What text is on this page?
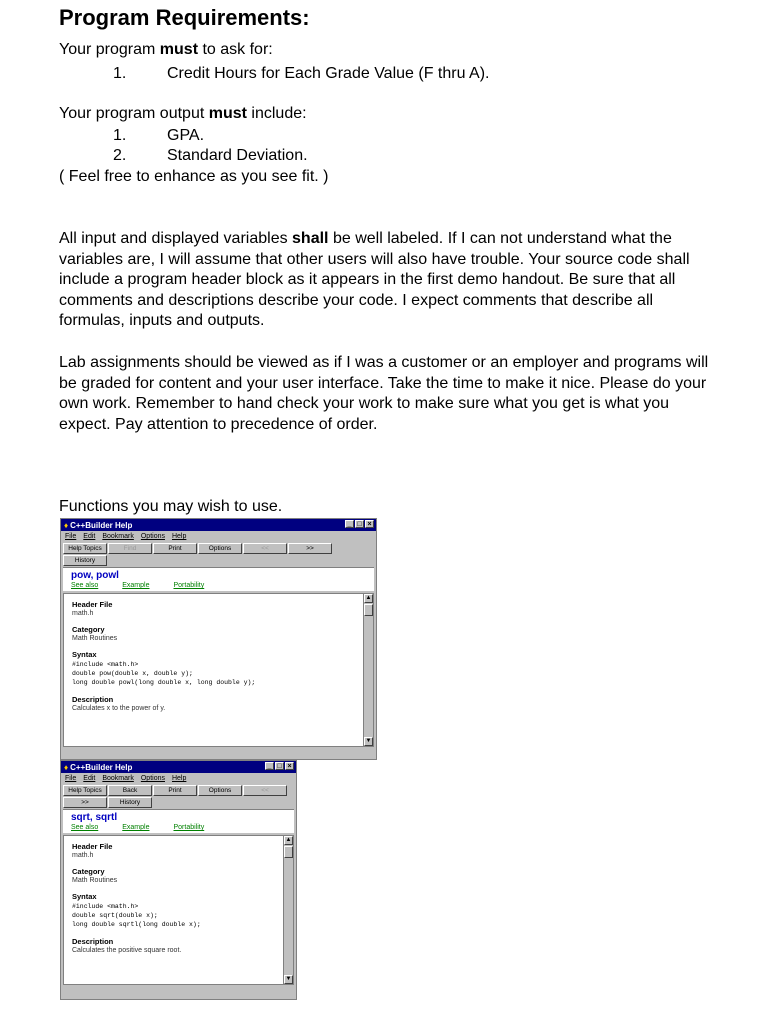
Program Requirements:
Your program must to ask for:
1.	Credit Hours for Each Grade Value (F thru A).
Your program output must include:
1.	GPA.
2.	Standard Deviation.
( Feel free to enhance as you see fit. )

All input and displayed variables shall be well labeled. If I can not understand what the variables are, I will assume that other users will also have trouble. Your source code shall include a program header block as it appears in the first demo handout. Be sure that all comments and descriptions describe your code. I expect comments that describe all formulas, inputs and outputs.

Lab assignments should be viewed as if I was a customer or an employer and programs will be graded for content and your user interface. Take the time to make it nice. Please do your own work. Remember to hand check your work to make sure what you get is what you expect. Pay attention to precedence of order.

Functions you may wish to use.
♦ C++Builder Help	_ □ ×
File Edit Bookmark Options Help
Help Topics	Find	Print	Options	<<	>>
History
pow, powl
See also	Example	Portability
Header File
math.h
Category
Math Routines
Syntax
#include <math.h>
double pow(double x, double y);
long double powl(long double x, long double y);
Description
Calculates x to the power of y.
▲
▼
♦ C++Builder Help	_ □ ×
File Edit Bookmark Options Help
Help Topics	Back	Print	Options	<<
>>	History
sqrt, sqrtl
See also	Example	Portability
Header File
math.h
Category
Math Routines
Syntax
#include <math.h>
double sqrt(double x);
long double sqrtl(long double x);
Description
Calculates the positive square root.
▲
▼
